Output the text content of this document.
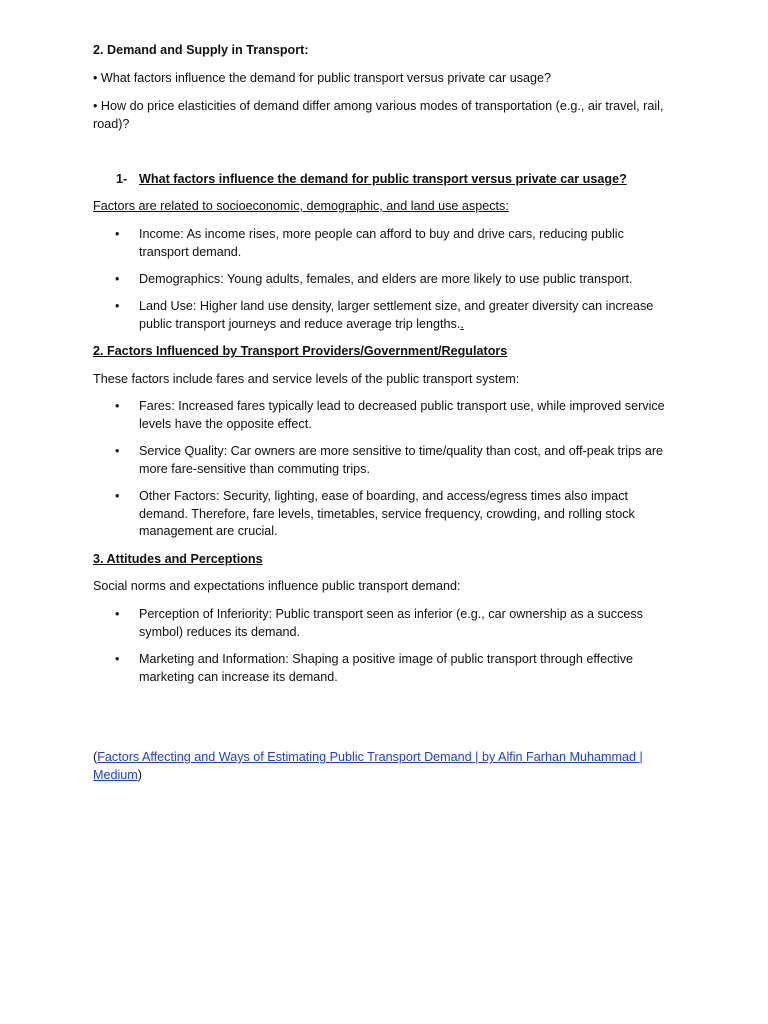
2. Demand and Supply in Transport:

• What factors influence the demand for public transport versus private car usage?

• How do price elasticities of demand differ among various modes of transportation (e.g., air travel, rail, road)?

1- What factors influence the demand for public transport versus private car usage?

Factors are related to socioeconomic, demographic, and land use aspects:

• Income: As income rises, more people can afford to buy and drive cars, reducing public transport demand.
• Demographics: Young adults, females, and elders are more likely to use public transport.
• Land Use: Higher land use density, larger settlement size, and greater diversity can increase public transport journeys and reduce average trip lengths..

2. Factors Influenced by Transport Providers/Government/Regulators

These factors include fares and service levels of the public transport system:

• Fares: Increased fares typically lead to decreased public transport use, while improved service levels have the opposite effect.
• Service Quality: Car owners are more sensitive to time/quality than cost, and off-peak trips are more fare-sensitive than commuting trips.
• Other Factors: Security, lighting, ease of boarding, and access/egress times also impact demand. Therefore, fare levels, timetables, service frequency, crowding, and rolling stock management are crucial.

3. Attitudes and Perceptions

Social norms and expectations influence public transport demand:

• Perception of Inferiority: Public transport seen as inferior (e.g., car ownership as a success symbol) reduces its demand.
• Marketing and Information: Shaping a positive image of public transport through effective marketing can increase its demand.

(Factors Affecting and Ways of Estimating Public Transport Demand | by Alfin Farhan Muhammad | Medium)
